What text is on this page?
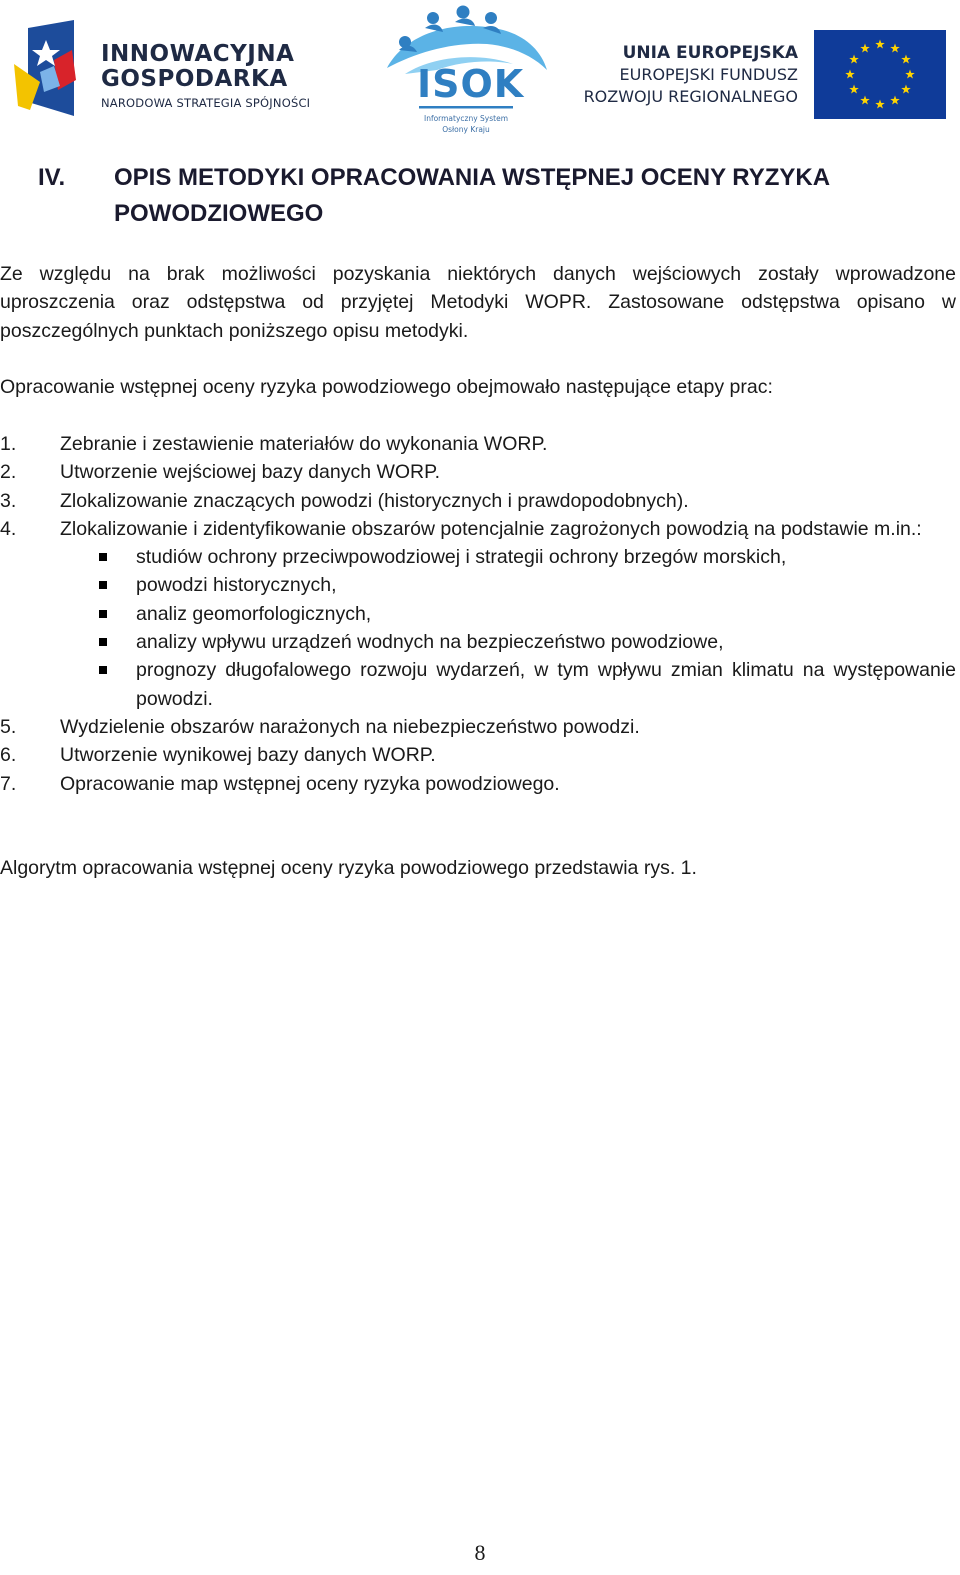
INNOWACYJNA
GOSPODARKA
NARODOWA STRATEGIA SPÓJNOŚCI	ISOK
Informatyczny System
Osłony Kraju
UNIA EUROPEJSKA
EUROPEJSKI FUNDUSZ
ROZWOJU REGIONALNEGO
IV. OPIS METODYKI OPRACOWANIA WSTĘPNEJ OCENY RYZYKA POWODZIOWEGO

Ze względu na brak możliwości pozyskania niektórych danych wejściowych zostały wprowadzone uproszczenia oraz odstępstwa od przyjętej Metodyki WOPR. Zastosowane odstępstwa opisano w poszczególnych punktach poniższego opisu metodyki.

Opracowanie wstępnej oceny ryzyka powodziowego obejmowało następujące etapy prac:

1. Zebranie i zestawienie materiałów do wykonania WORP.
2. Utworzenie wejściowej bazy danych WORP.
3. Zlokalizowanie znaczących powodzi (historycznych i prawdopodobnych).
4. Zlokalizowanie i zidentyfikowanie obszarów potencjalnie zagrożonych powodzią na podstawie m.in.:
studiów ochrony przeciwpowodziowej i strategii ochrony brzegów morskich,
powodzi historycznych,
analiz geomorfologicznych,
analizy wpływu urządzeń wodnych na bezpieczeństwo powodziowe,
prognozy długofalowego rozwoju wydarzeń, w tym wpływu zmian klimatu na występowanie powodzi.
5. Wydzielenie obszarów narażonych na niebezpieczeństwo powodzi.
6. Utworzenie wynikowej bazy danych WORP.
7. Opracowanie map wstępnej oceny ryzyka powodziowego.

Algorytm opracowania wstępnej oceny ryzyka powodziowego przedstawia rys. 1.

8
